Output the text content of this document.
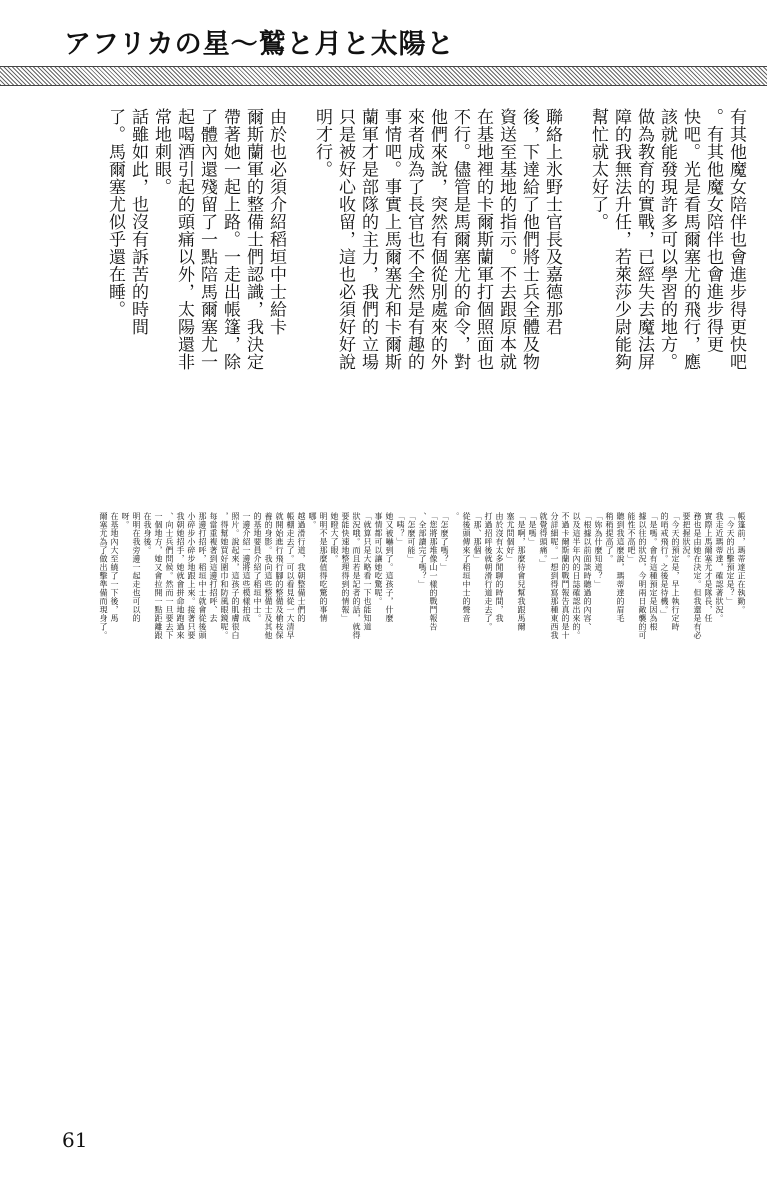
アフリカの星～鷲と月と太陽と
有其他魔女陪伴也會進步得更快吧
。有其他魔女陪伴也會進步得更
快吧。光是看馬爾塞尤的飛行，應
該就能發現許多可以學習的地方。
做為教育的實戰，已經失去魔法屏
障的我無法升任，若萊莎少尉能夠
幫忙就太好了。
聯絡上氷野士官長及嘉德那君
後，下達給了他們將士兵全體及物
資送至基地的指示。不去跟原本就
在基地裡的卡爾斯蘭軍打個照面也
不行。儘管是馬爾塞尤的命令，對
他們來說，突然有個從別處來的外
來者成為了長官也不全然是有趣的
事情吧。事實上馬爾塞尤和卡爾斯
蘭軍才是部隊的主力，我們的立場
只是被好心收留，這也必須好好說
明才行。
由於也必須介紹稻垣中士給卡
爾斯蘭軍的整備士們認識，我決定
帶著她一起上路。一走出帳篷，除
了體內還殘留了一點陪馬爾塞尤一
起喝酒引起的頭痛以外，太陽還非
常地刺眼。
話雖如此，也沒有訴苦的時間
了。馬爾塞尤似乎還在睡。
帳篷前，瑪蒂達正在執勤。
「今天的出擊預定是？」
我走近瑪蒂達，確認著狀況。
實際上馬爾塞尤才是隊長，任
務也是由她在決定。但我還是有必
要把握狀況。
「今天的預定是，早上執行定時
的哨戒飛行。之後是待機。」
「是嗎。會有這種預定是因為根
據以往的狀況，今明兩日敵襲的可
能性不高吧」
聽到我這麼說，瑪蒂達的眉毛
稍稍提高了。
「妳為什麼知道？」
「根據以前面談時聽過的內容、
以及這半年內的日誌確認出來的。
不過卡爾斯蘭的戰鬥報告真的是十
分詳細呢。一想到得寫那種東西我
就覺得頭痛。」
「是嗎」
「是啊，那麼待會兒幫我跟馬爾
塞尤問個好」
由於沒有太多閒聊的時間，我
打過招呼後就朝滑行道走去了。
「那、那個」
從後頭傳來了稻垣中士的聲音
。
「怎麼了嗎？」
「您將那堆像山一樣的戰鬥報告
、全部讀完了嗎？」
「怎麼可能」
「咦？」
她又被嚇到了。這孩子，什麼
事情都可以讓她吃驚呢。
「就算只是大略看一下也能知道
狀況哦。而且若是記者的話，就得
要能快速地整理得到的情報」
她瞪大了眼。
明明不是那麼值得吃驚的事情
哪。
越過滑行道，我朝整備士們的
帳棚走去了。可以看見從一大清早
就開始進行飛行腳的整備及槍枝保
養的身影。我向這些整備士及其他
的基地要員介紹了稻垣中士。
一邊介紹一邊將這些模樣拍成
照片。說起來，這孩子的肌膚很白
，得幫她買好圍巾和防風眼鏡呢。
每當重複著到這邊打招呼、去
那邊打招呼，稻垣中士就會從後頭
小碎步小碎步地跟上來。接著只要
我朝她招手，她就會拼命地跑過來
、向士兵們問候。然而一旦要去下
一個地方，她又會拉開一點距離跟
在我身後。
明明在我旁邊一起走也可以的
呀。
在基地內大至繞了一下後，馬
爾塞尤為了做出擊準備而現身了。
61
